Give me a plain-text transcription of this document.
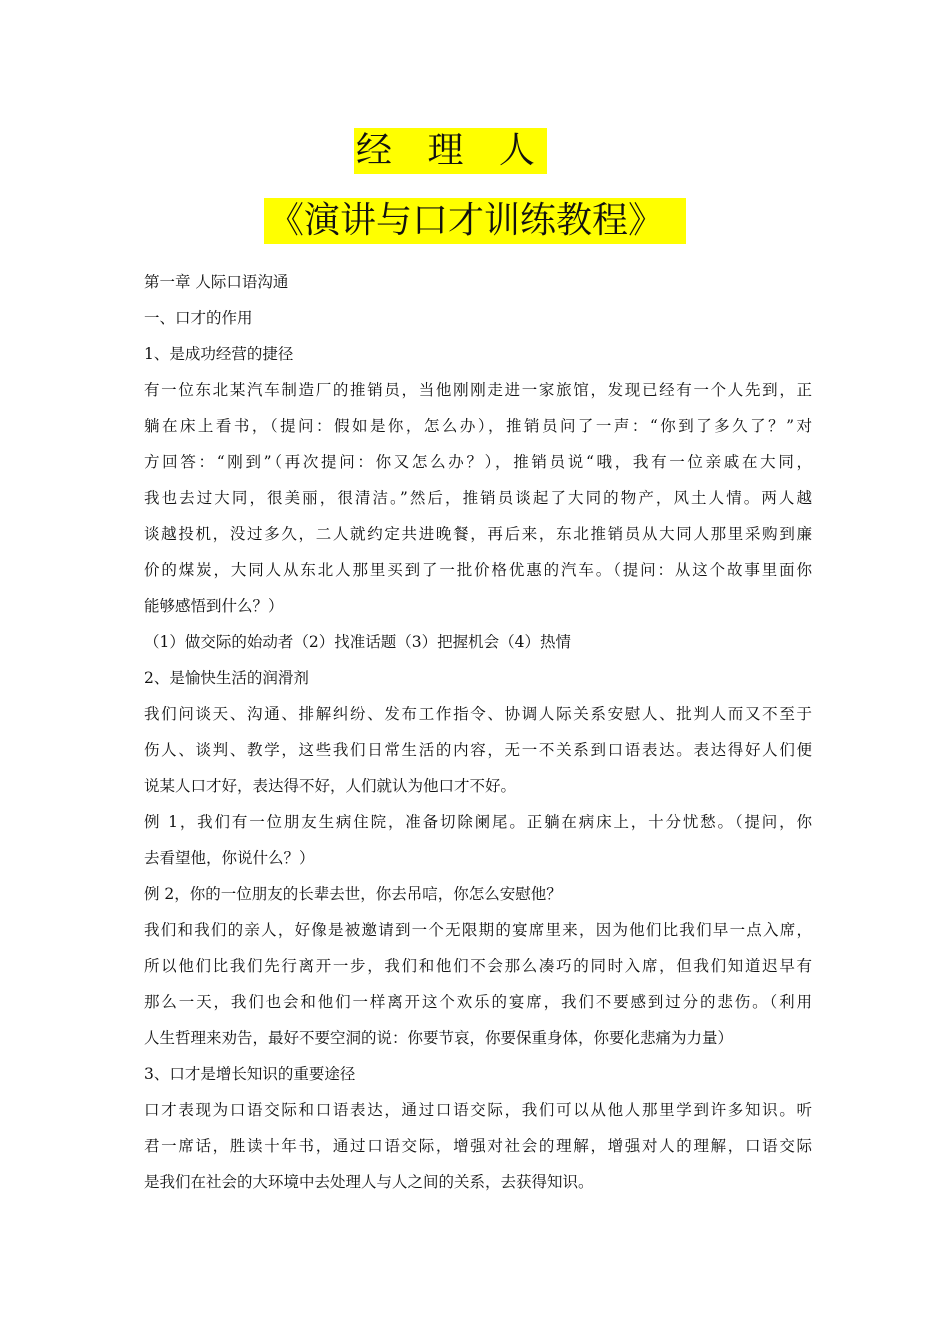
经 理 人
《演讲与口才训练教程》
第一章 人际口语沟通
一、口才的作用
1、是成功经营的捷径
有一位东北某汽车制造厂的推销员，当他刚刚走进一家旅馆，发现已经有一个人先到，正
躺在床上看书，（提问：假如是你，怎么办），推销员问了一声：“你到了多久了？”对
方回答：“刚到”（再次提问：你又怎么办？），推销员说“哦，我有一位亲戚在大同，
我也去过大同，很美丽，很清洁。”然后，推销员谈起了大同的物产，风土人情。两人越
谈越投机，没过多久，二人就约定共进晚餐，再后来，东北推销员从大同人那里采购到廉
价的煤炭，大同人从东北人那里买到了一批价格优惠的汽车。（提问：从这个故事里面你
能够感悟到什么？）
（1）做交际的始动者（2）找准话题（3）把握机会（4）热情
2、是愉快生活的润滑剂
我们问谈天、沟通、排解纠纷、发布工作指令、协调人际关系安慰人、批判人而又不至于
伤人、谈判、教学，这些我们日常生活的内容，无一不关系到口语表达。表达得好人们便
说某人口才好，表达得不好，人们就认为他口才不好。
例 1，我们有一位朋友生病住院，准备切除阑尾。正躺在病床上，十分忧愁。（提问，你
去看望他，你说什么？）
例 2，你的一位朋友的长辈去世，你去吊唁，你怎么安慰他？
我们和我们的亲人，好像是被邀请到一个无限期的宴席里来，因为他们比我们早一点入席，
所以他们比我们先行离开一步，我们和他们不会那么凑巧的同时入席，但我们知道迟早有
那么一天，我们也会和他们一样离开这个欢乐的宴席，我们不要感到过分的悲伤。（利用
人生哲理来劝告，最好不要空洞的说：你要节哀，你要保重身体，你要化悲痛为力量）
3、口才是增长知识的重要途径
口才表现为口语交际和口语表达，通过口语交际，我们可以从他人那里学到许多知识。听
君一席话，胜读十年书，通过口语交际，增强对社会的理解，增强对人的理解，口语交际
是我们在社会的大环境中去处理人与人之间的关系，去获得知识。
